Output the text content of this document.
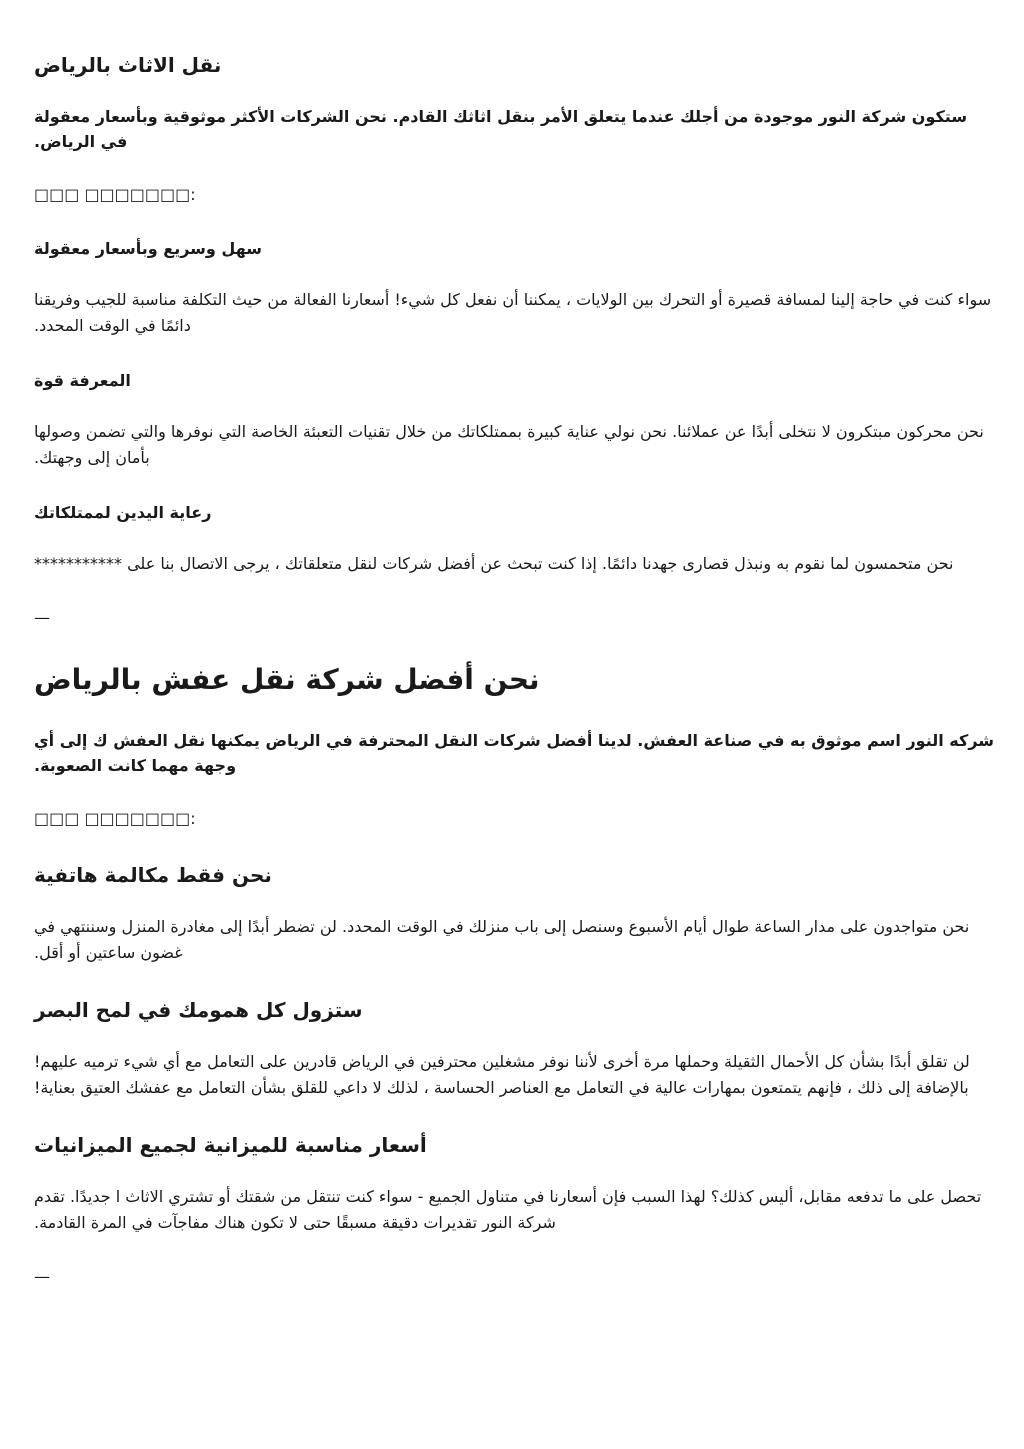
نقل الاثاث بالرياض

ستكون شركة النور موجودة من أجلك عندما يتعلق الأمر بنقل اثاثك القادم. نحن الشركات الأكثر موثوقية وبأسعار معقولة في الرياض.

□□□ □□□□□□□:

سهل وسريع وبأسعار معقولة

سواء كنت في حاجة إلينا لمسافة قصيرة أو التحرك بين الولايات ، يمكننا أن نفعل كل شيء! أسعارنا الفعالة من حيث التكلفة مناسبة للجيب وفريقنا دائمًا في الوقت المحدد.

المعرفة قوة

نحن محركون مبتكرون لا نتخلى أبدًا عن عملائنا. نحن نولي عناية كبيرة بممتلكاتك من خلال تقنيات التعبئة الخاصة التي نوفرها والتي تضمن وصولها بأمان إلى وجهتك.

رعاية اليدين لممتلكاتك

نحن متحمسون لما نقوم به ونبذل قصارى جهدنا دائمًا. إذا كنت تبحث عن أفضل شركات لنقل متعلقاتك ، يرجى الاتصال بنا على ***********

—

نحن أفضل شركة نقل عفش بالرياض

شركه النور اسم موثوق به في صناعة العفش. لدينا أفضل شركات النقل المحترفة في الرياض يمكنها نقل العفش ك إلى أي وجهة مهما كانت الصعوبة.

□□□ □□□□□□□:

نحن فقط مكالمة هاتفية

نحن متواجدون على مدار الساعة طوال أيام الأسبوع وسنصل إلى باب منزلك في الوقت المحدد. لن تضطر أبدًا إلى مغادرة المنزل وسننتهي في غضون ساعتين أو أقل.

ستزول كل همومك في لمح البصر

لن تقلق أبدًا بشأن كل الأحمال الثقيلة وحملها مرة أخرى لأننا نوفر مشغلين محترفين في الرياض قادرين على التعامل مع أي شيء ترميه عليهم! بالإضافة إلى ذلك ، فإنهم يتمتعون بمهارات عالية في التعامل مع العناصر الحساسة ، لذلك لا داعي للقلق بشأن التعامل مع عفشك العتيق بعناية!

أسعار مناسبة للميزانية لجميع الميزانيات

تحصل على ما تدفعه مقابل، أليس كذلك؟ لهذا السبب فإن أسعارنا في متناول الجميع - سواء كنت تنتقل من شقتك أو تشتري الاثاث ا جديدًا. تقدم شركة النور تقديرات دقيقة مسبقًا حتى لا تكون هناك مفاجآت في المرة القادمة.

—
